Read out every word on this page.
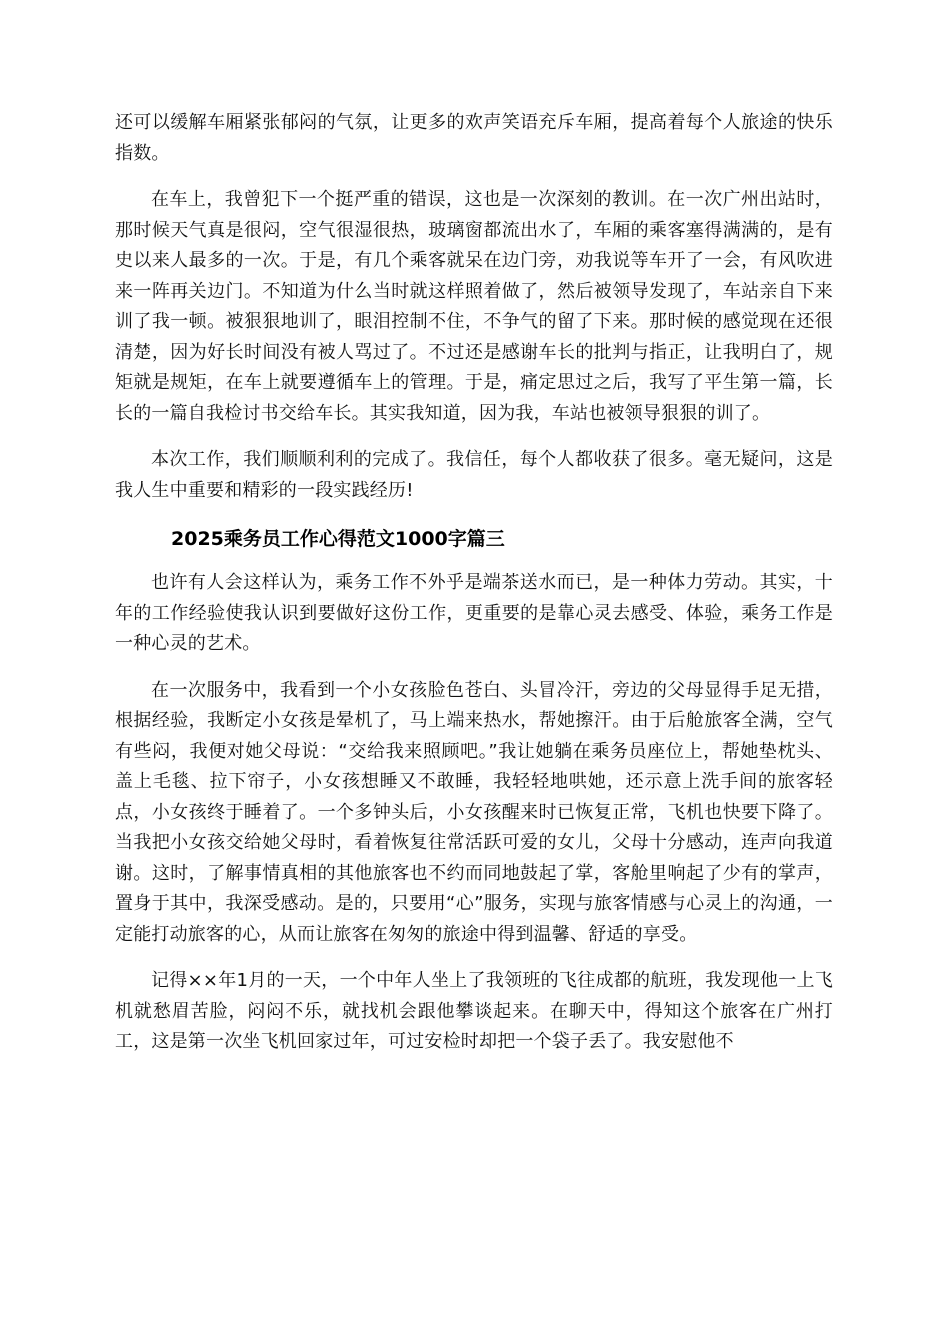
还可以缓解车厢紧张郁闷的气氛，让更多的欢声笑语充斥车厢，提高着每个人旅途的快乐指数。

在车上，我曾犯下一个挺严重的错误，这也是一次深刻的教训。在一次广州出站时，那时候天气真是很闷，空气很湿很热，玻璃窗都流出水了，车厢的乘客塞得满满的，是有史以来人最多的一次。于是，有几个乘客就呆在边门旁，劝我说等车开了一会，有风吹进来一阵再关边门。不知道为什么当时就这样照着做了，然后被领导发现了，车站亲自下来训了我一顿。被狠狠地训了，眼泪控制不住，不争气的留了下来。那时候的感觉现在还很清楚，因为好长时间没有被人骂过了。不过还是感谢车长的批判与指正，让我明白了，规矩就是规矩，在车上就要遵循车上的管理。于是，痛定思过之后，我写了平生第一篇，长长的一篇自我检讨书交给车长。其实我知道，因为我，车站也被领导狠狠的训了。

本次工作，我们顺顺利利的完成了。我信任，每个人都收获了很多。毫无疑问，这是我人生中重要和精彩的一段实践经历!

2025乘务员工作心得范文1000字篇三

也许有人会这样认为，乘务工作不外乎是端茶送水而已，是一种体力劳动。其实，十年的工作经验使我认识到要做好这份工作，更重要的是靠心灵去感受、体验，乘务工作是一种心灵的艺术。

在一次服务中，我看到一个小女孩脸色苍白、头冒冷汗，旁边的父母显得手足无措，根据经验，我断定小女孩是晕机了，马上端来热水，帮她擦汗。由于后舱旅客全满，空气有些闷，我便对她父母说：“交给我来照顾吧。”我让她躺在乘务员座位上，帮她垫枕头、盖上毛毯、拉下帘子，小女孩想睡又不敢睡，我轻轻地哄她，还示意上洗手间的旅客轻点，小女孩终于睡着了。一个多钟头后，小女孩醒来时已恢复正常，飞机也快要下降了。当我把小女孩交给她父母时，看着恢复往常活跃可爱的女儿，父母十分感动，连声向我道谢。这时，了解事情真相的其他旅客也不约而同地鼓起了掌，客舱里响起了少有的掌声，置身于其中，我深受感动。是的，只要用“心”服务，实现与旅客情感与心灵上的沟通，一定能打动旅客的心，从而让旅客在匆匆的旅途中得到温馨、舒适的享受。

记得××年1月的一天，一个中年人坐上了我领班的飞往成都的航班，我发现他一上飞机就愁眉苦脸，闷闷不乐，就找机会跟他攀谈起来。在聊天中，得知这个旅客在广州打工，这是第一次坐飞机回家过年，可过安检时却把一个袋子丢了。我安慰他不
